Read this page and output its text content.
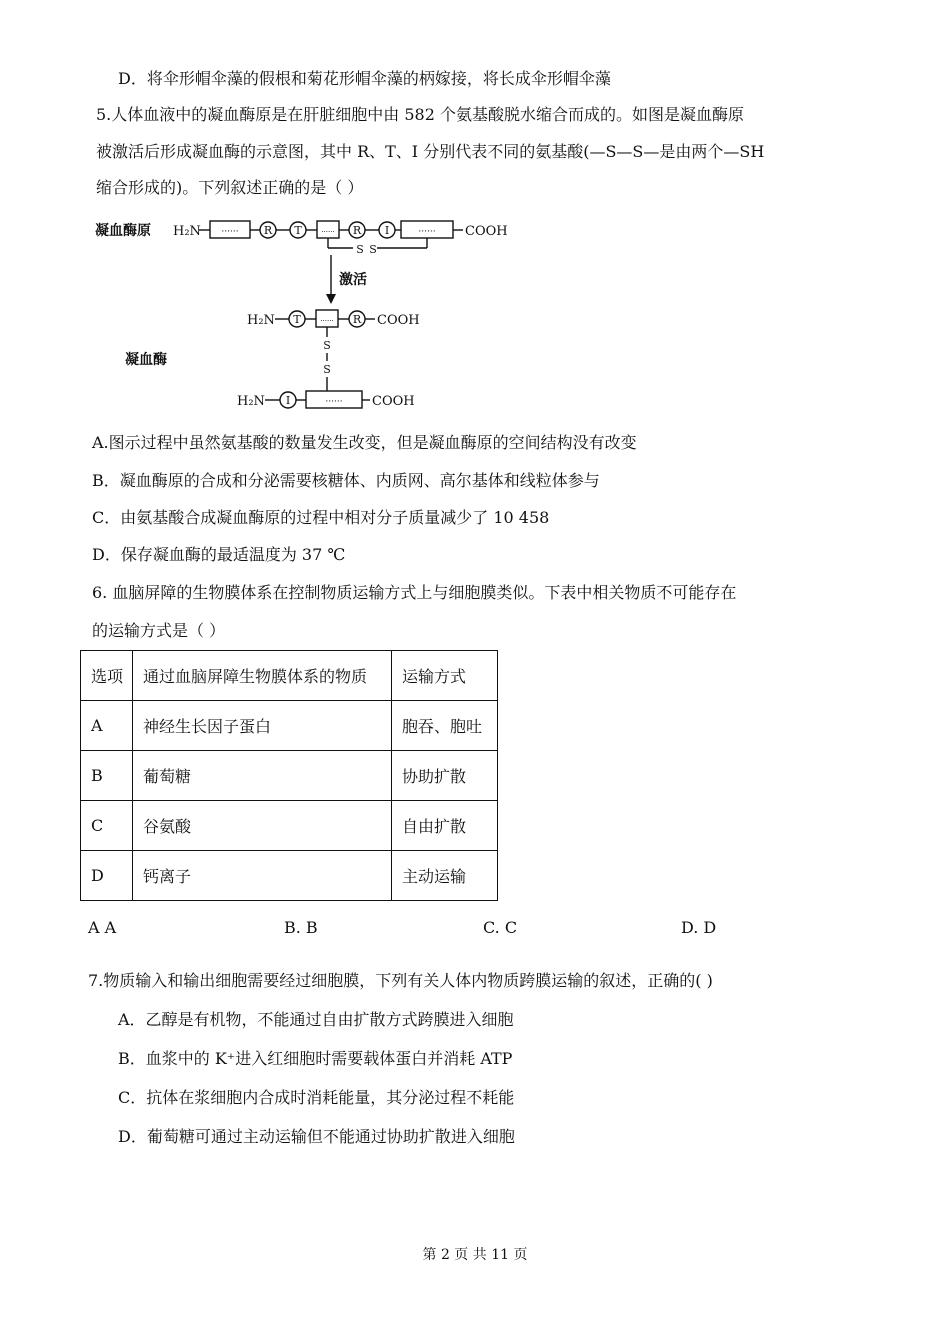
D．将伞形帽伞藻的假根和菊花形帽伞藻的柄嫁接，将长成伞形帽伞藻
5.人体血液中的凝血酶原是在肝脏细胞中由 582 个氨基酸脱水缩合而成的。如图是凝血酶原
被激活后形成凝血酶的示意图，其中 R、T、I 分别代表不同的氨基酸(—S—S—是由两个—SH
缩合形成的)。下列叙述正确的是（ ）
凝血酶原 H₂N	COOH
······ R T	······ R I	······
S S
激活
H₂N	COOH
凝血酶
H₂N	COOH
T	······ R
S
S
I	······
A.图示过程中虽然氨基酸的数量发生改变，但是凝血酶原的空间结构没有改变
B．凝血酶原的合成和分泌需要核糖体、内质网、高尔基体和线粒体参与
C．由氨基酸合成凝血酶原的过程中相对分子质量减少了 10 458
D．保存凝血酶的最适温度为 37 ℃
6. 血脑屏障的生物膜体系在控制物质运输方式上与细胞膜类似。下表中相关物质不可能存在
的运输方式是（ ）
选项	通过血脑屏障生物膜体系的物质	运输方式
A	神经生长因子蛋白	胞吞、胞吐
B	葡萄糖	协助扩散
C	谷氨酸	自由扩散
D	钙离子	主动运输
A A	B. B	C. C	D. D
7.物质输入和输出细胞需要经过细胞膜，下列有关人体内物质跨膜运输的叙述，正确的( )
A．乙醇是有机物，不能通过自由扩散方式跨膜进入细胞
B．血浆中的 K⁺进入红细胞时需要载体蛋白并消耗 ATP
C．抗体在浆细胞内合成时消耗能量，其分泌过程不耗能
D．葡萄糖可通过主动运输但不能通过协助扩散进入细胞
第 2 页 共 11 页
